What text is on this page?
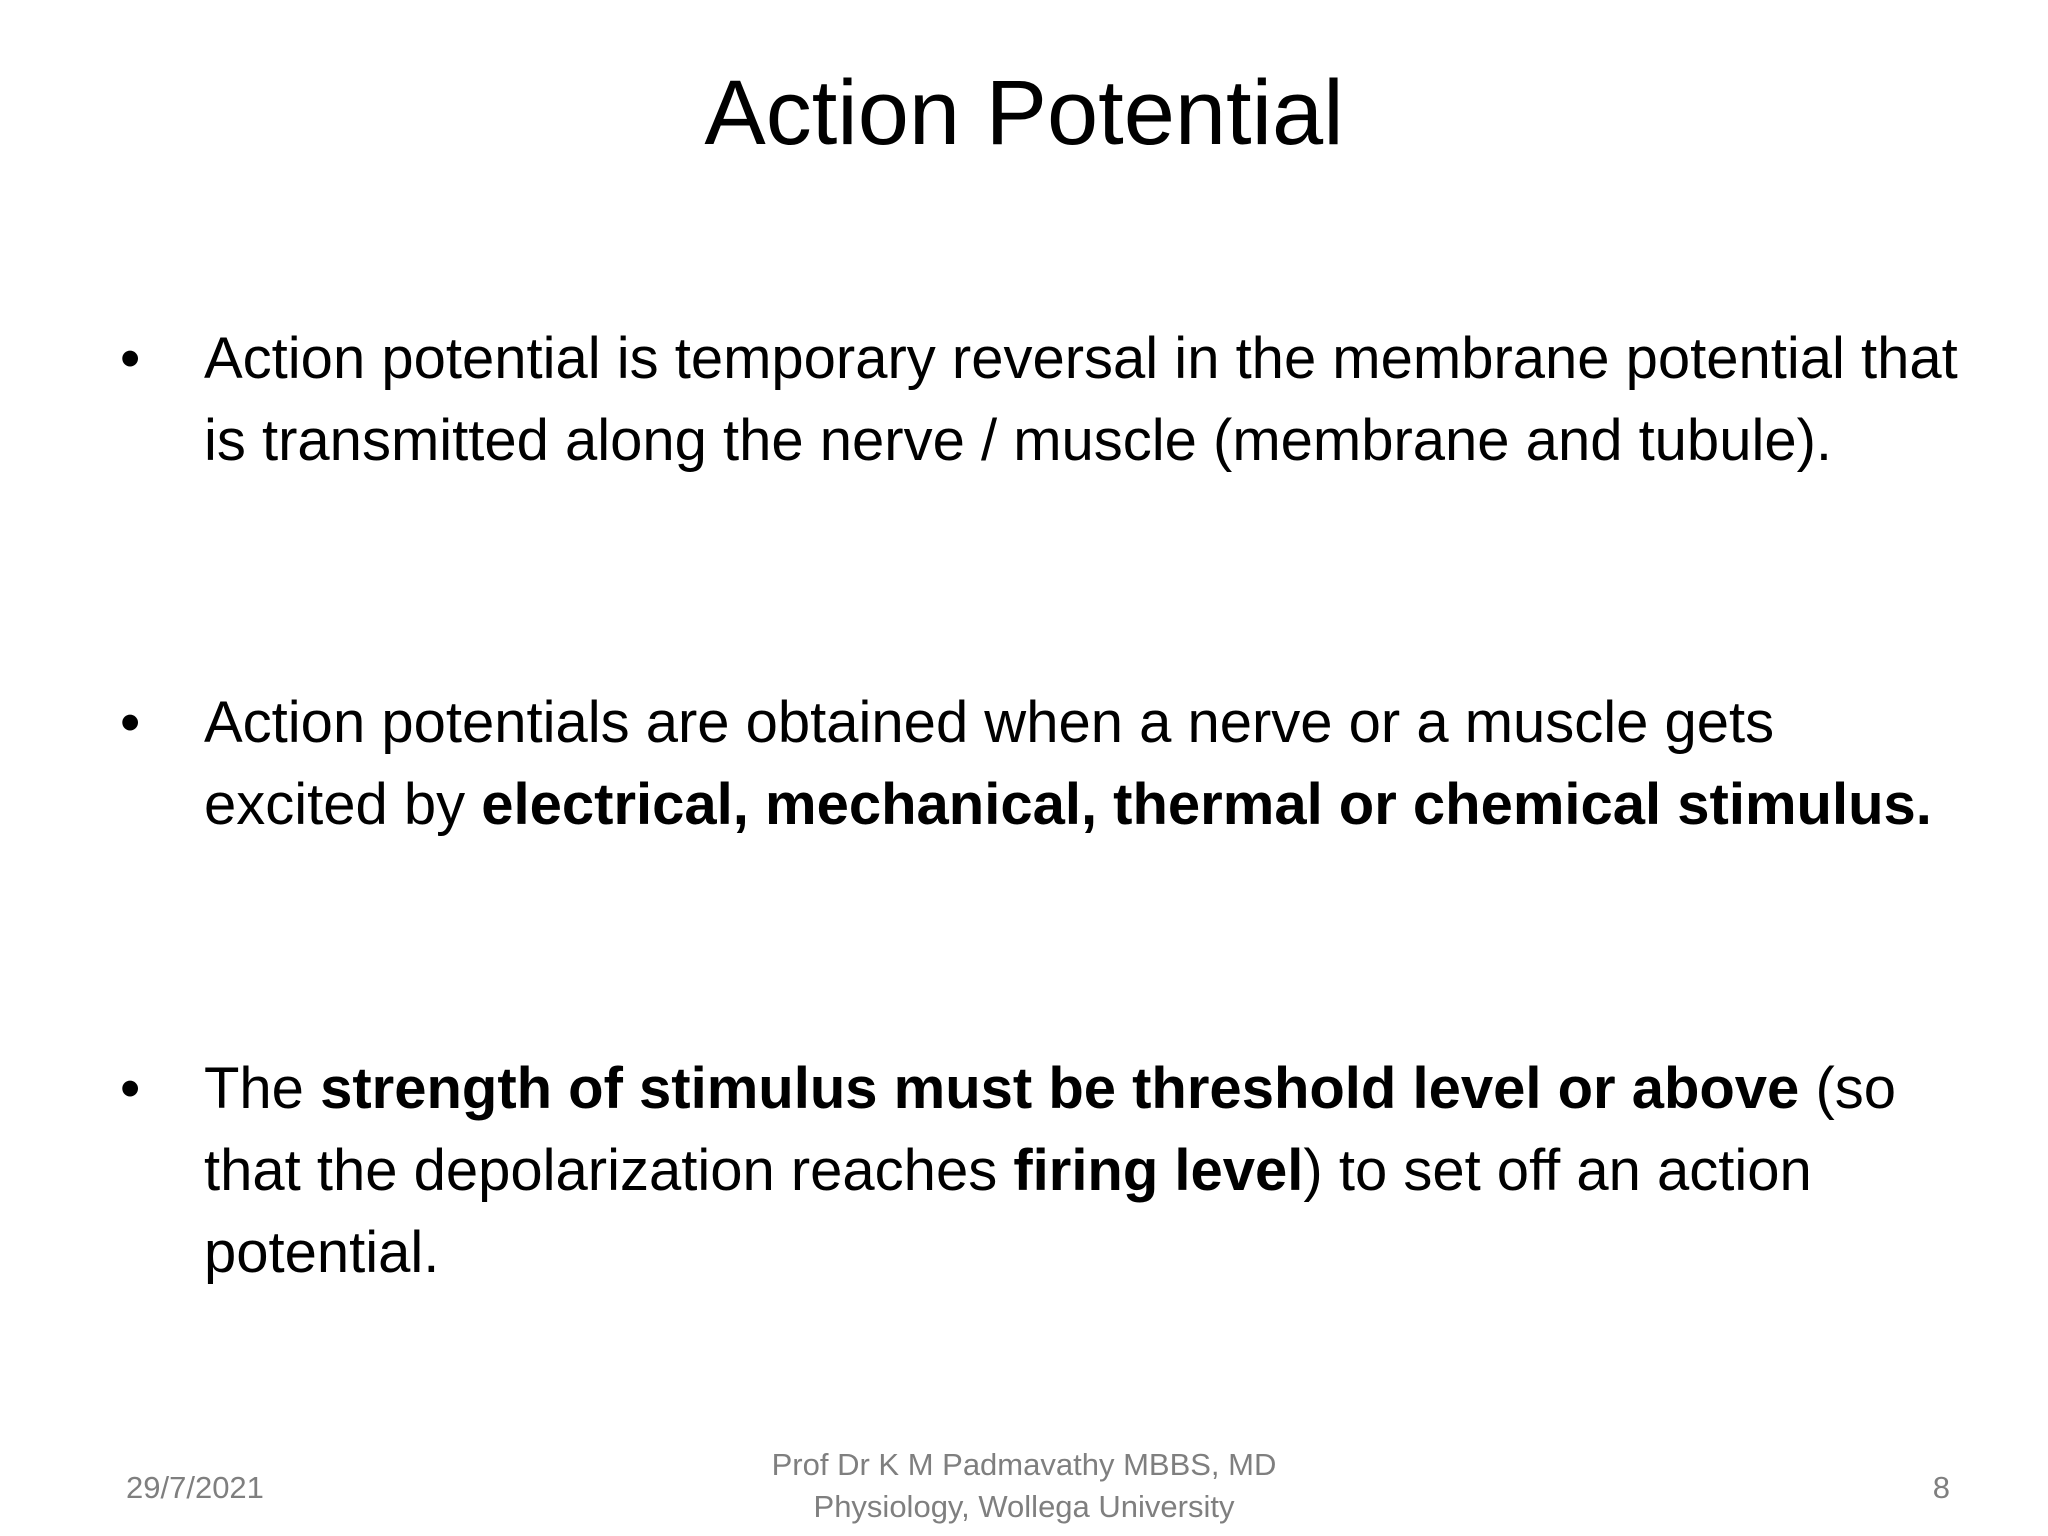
Action Potential
•	Action potential is temporary reversal in the membrane potential that is transmitted along the nerve / muscle (membrane and tubule).
•	Action potentials are obtained when a nerve or a muscle gets excited by electrical, mechanical, thermal or chemical stimulus.
•	The strength of stimulus must be threshold level or above (so that the depolarization reaches firing level) to set off an action potential.
29/7/2021
Prof Dr K M Padmavathy MBBS, MD
Physiology, Wollega University
8
